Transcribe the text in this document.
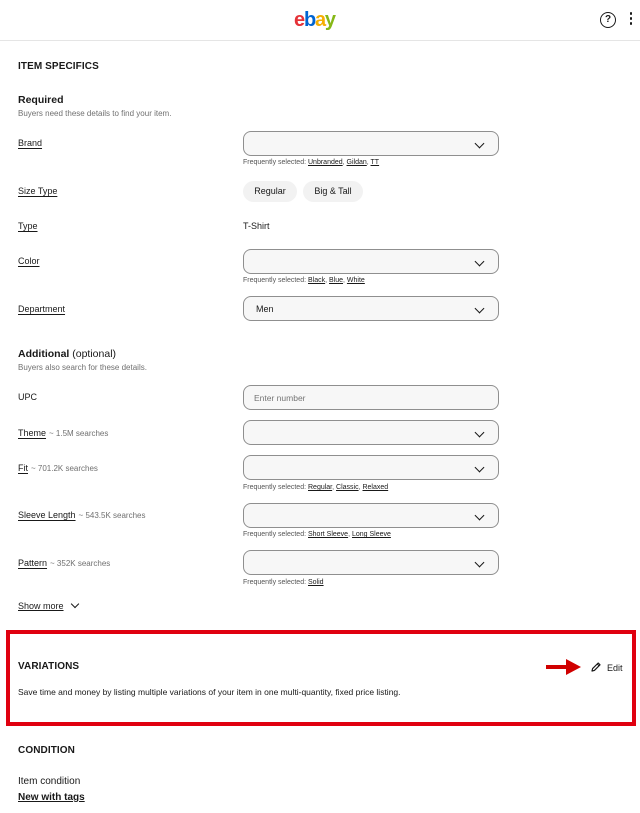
ebay	?
ITEM SPECIFICS
Required
Buyers need these details to find your item.
Brand
Frequently selected: Unbranded, Gildan, TT
Size Type	Regular	Big & Tall
Type	T-Shirt
Color
Frequently selected: Black, Blue, White
Department	Men
Additional (optional)
Buyers also search for these details.
UPC
Enter number
Theme ~ 1.5M searches
Fit ~ 701.2K searches
Frequently selected: Regular, Classic, Relaxed
Sleeve Length ~ 543.5K searches
Frequently selected: Short Sleeve, Long Sleeve
Pattern ~ 352K searches
Frequently selected: Solid
Show more
VARIATIONS
Save time and money by listing multiple variations of your item in one multi-quantity, fixed price listing.
Edit
CONDITION
Item condition
New with tags
